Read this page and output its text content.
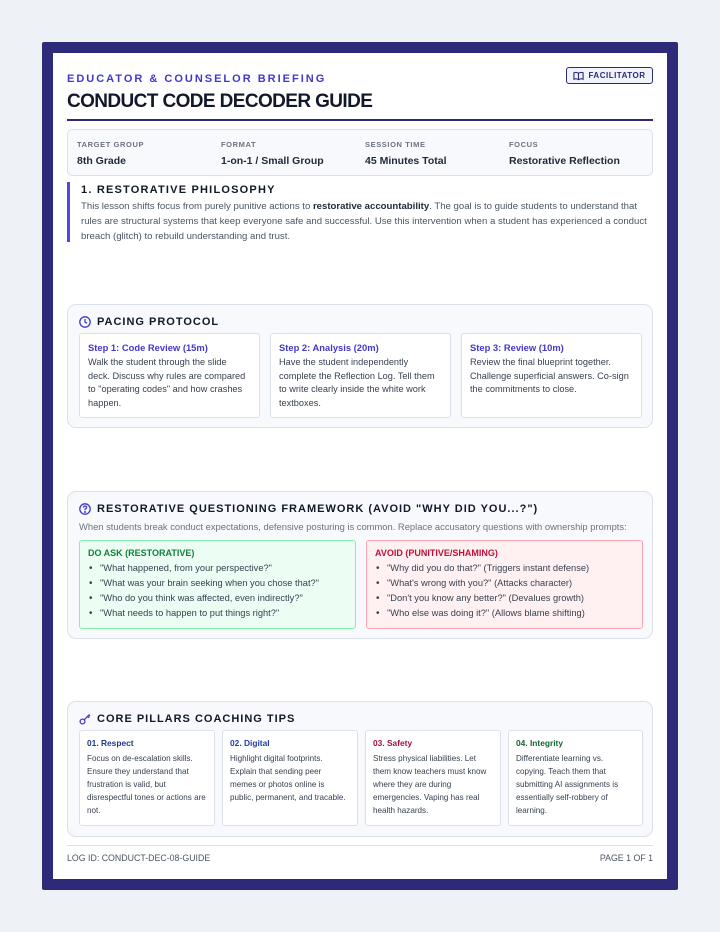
EDUCATOR & COUNSELOR BRIEFING	FACILITATOR
CONDUCT CODE DECODER GUIDE
TARGET GROUP
8th Grade
FORMAT
1-on-1 / Small Group
SESSION TIME
45 Minutes Total
FOCUS
Restorative Reflection
1. RESTORATIVE PHILOSOPHY
This lesson shifts focus from purely punitive actions to restorative accountability. The goal is to guide students to understand that rules are structural systems that keep everyone safe and successful. Use this intervention when a student has experienced a conduct breach (glitch) to rebuild understanding and trust.
PACING PROTOCOL
Step 1: Code Review (15m)
Walk the student through the slide deck. Discuss why rules are compared to "operating codes" and how crashes happen.
Step 2: Analysis (20m)
Have the student independently complete the Reflection Log. Tell them to write clearly inside the white work textboxes.
Step 3: Review (10m)
Review the final blueprint together. Challenge superficial answers. Co-sign the commitments to close.
RESTORATIVE QUESTIONING FRAMEWORK (AVOID "WHY DID YOU...?")
When students break conduct expectations, defensive posturing is common. Replace accusatory questions with ownership prompts:
DO ASK (RESTORATIVE)
• "What happened, from your perspective?"
• "What was your brain seeking when you chose that?"
• "Who do you think was affected, even indirectly?"
• "What needs to happen to put things right?"
AVOID (PUNITIVE/SHAMING)
• "Why did you do that?" (Triggers instant defense)
• "What's wrong with you?" (Attacks character)
• "Don't you know any better?" (Devalues growth)
• "Who else was doing it?" (Allows blame shifting)
CORE PILLARS COACHING TIPS
01. Respect
Focus on de-escalation skills. Ensure they understand that frustration is valid, but disrespectful tones or actions are not.
02. Digital
Highlight digital footprints. Explain that sending peer memes or photos online is public, permanent, and tracable.
03. Safety
Stress physical liabilities. Let them know teachers must know where they are during emergencies. Vaping has real health hazards.
04. Integrity
Differentiate learning vs. copying. Teach them that submitting AI assignments is essentially self-robbery of learning.
LOG ID: CONDUCT-DEC-08-GUIDE	PAGE 1 OF 1
